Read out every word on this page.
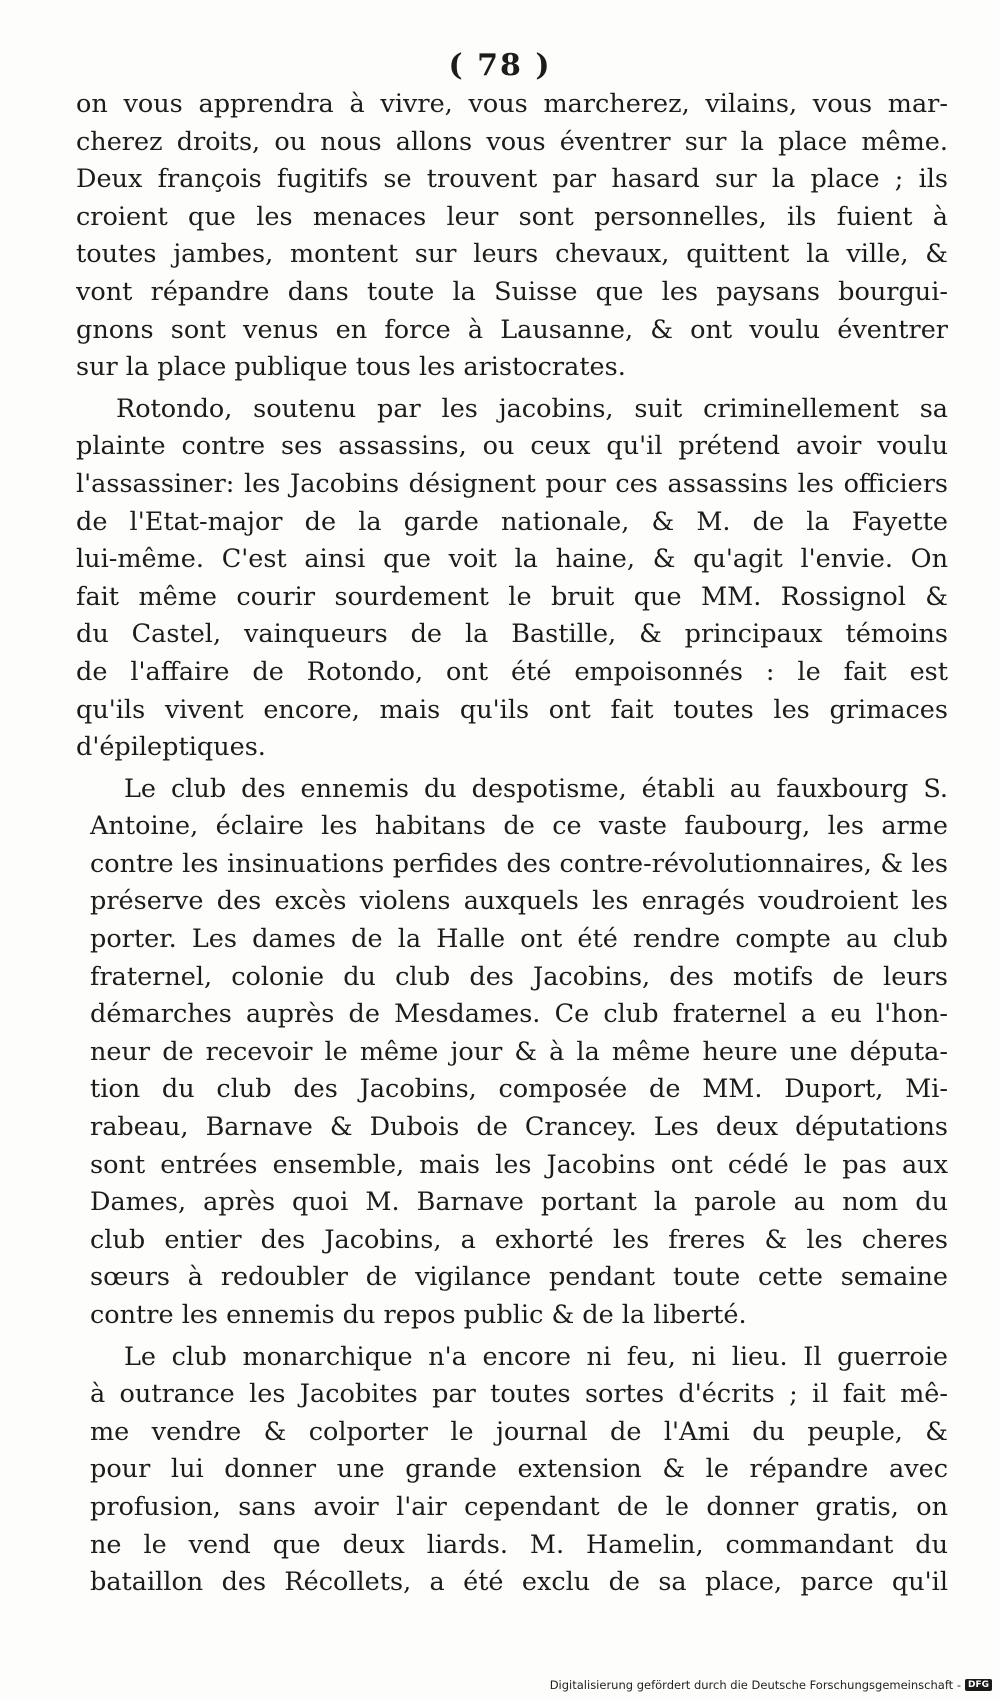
( 78 )
on vous apprendra à vivre, vous marcherez, vilains, vous mar-
cherez droits, ou nous allons vous éventrer sur la place même.
Deux françois fugitifs se trouvent par hasard sur la place ; ils
croient que les menaces leur sont personnelles, ils fuient à
toutes jambes, montent sur leurs chevaux, quittent la ville, &
vont répandre dans toute la Suisse que les paysans bourgui-
gnons sont venus en force à Lausanne, & ont voulu éventrer
sur la place publique tous les aristocrates.
Rotondo, soutenu par les jacobins, suit criminellement sa
plainte contre ses assassins, ou ceux qu'il prétend avoir voulu
l'assassiner: les Jacobins désignent pour ces assassins les officiers
de l'Etat-major de la garde nationale, & M. de la Fayette
lui-même. C'est ainsi que voit la haine, & qu'agit l'envie. On
fait même courir sourdement le bruit que MM. Rossignol &
du Castel, vainqueurs de la Bastille, & principaux témoins
de l'affaire de Rotondo, ont été empoisonnés : le fait est
qu'ils vivent encore, mais qu'ils ont fait toutes les grimaces
d'épileptiques.
Le club des ennemis du despotisme, établi au fauxbourg S.
Antoine, éclaire les habitans de ce vaste faubourg, les arme
contre les insinuations perfides des contre-révolutionnaires, & les
préserve des excès violens auxquels les enragés voudroient les
porter. Les dames de la Halle ont été rendre compte au club
fraternel, colonie du club des Jacobins, des motifs de leurs
démarches auprès de Mesdames. Ce club fraternel a eu l'hon-
neur de recevoir le même jour & à la même heure une députa-
tion du club des Jacobins, composée de MM. Duport, Mi-
rabeau, Barnave & Dubois de Crancey. Les deux députations
sont entrées ensemble, mais les Jacobins ont cédé le pas aux
Dames, après quoi M. Barnave portant la parole au nom du
club entier des Jacobins, a exhorté les freres & les cheres
sœurs à redoubler de vigilance pendant toute cette semaine
contre les ennemis du repos public & de la liberté.
Le club monarchique n'a encore ni feu, ni lieu. Il guerroie
à outrance les Jacobites par toutes sortes d'écrits ; il fait mê-
me vendre & colporter le journal de l'Ami du peuple, &
pour lui donner une grande extension & le répandre avec
profusion, sans avoir l'air cependant de le donner gratis, on
ne le vend que deux liards. M. Hamelin, commandant du
bataillon des Récollets, a été exclu de sa place, parce qu'il
Digitalisierung gefördert durch die Deutsche Forschungsgemeinschaft - DFG
